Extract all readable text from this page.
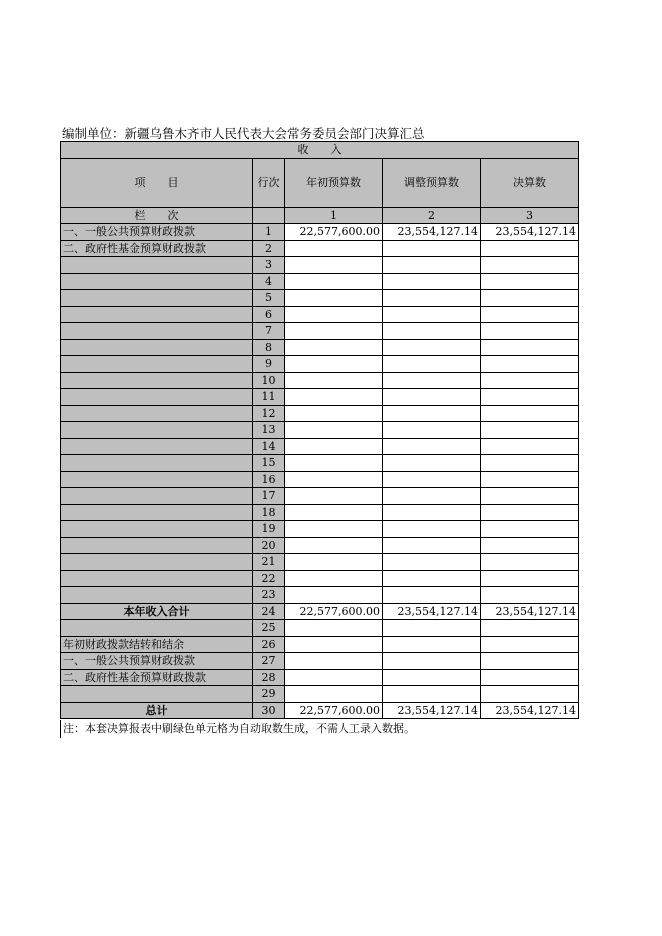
编制单位：新疆乌鲁木齐市人民代表大会常务委员会部门决算汇总
收　　入				
项　　目	行次	年初预算数	调整预算数	决算数
栏　　次		1	2	3
一、一般公共预算财政拨款	1	22,577,600.00	23,554,127.14	23,554,127.14
二、政府性基金预算财政拨款	2			
	3			
	4			
	5			
	6			
	7			
	8			
	9			
	10			
	11			
	12			
	13			
	14			
	15			
	16			
	17			
	18			
	19			
	20			
	21			
	22			
	23			
本年收入合计	24	22,577,600.00	23,554,127.14	23,554,127.14
	25			
年初财政拨款结转和结余	26			
一、一般公共预算财政拨款	27			
二、政府性基金预算财政拨款	28			
	29			
总计	30	22,577,600.00	23,554,127.14	23,554,127.14
注：本套决算报表中刷绿色单元格为自动取数生成，不需人工录入数据。
